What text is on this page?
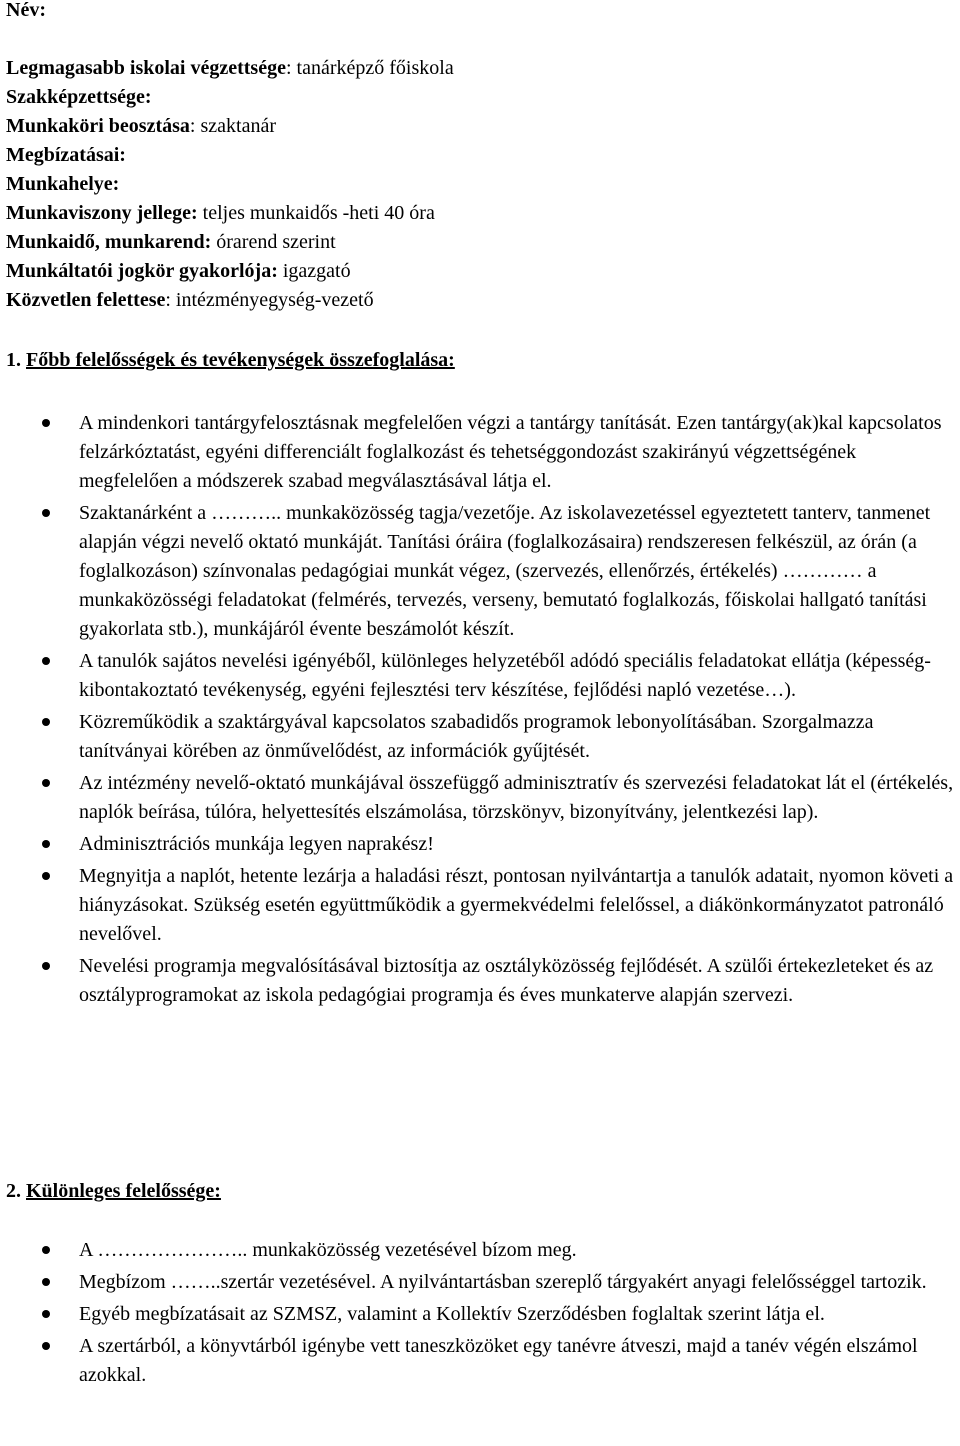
Név:
Legmagasabb iskolai végzettsége: tanárképző főiskola
Szakképzettsége:
Munkaköri beosztása: szaktanár
Megbízatásai:
Munkahelye:
Munkaviszony jellege: teljes munkaidős -heti 40 óra
Munkaidő, munkarend: órarend szerint
Munkáltatói jogkör gyakorlója: igazgató
Közvetlen felettese: intézményegység-vezető
1. Főbb felelősségek és tevékenységek összefoglalása:
A mindenkori tantárgyfelosztásnak megfelelően végzi a tantárgy tanítását. Ezen tantárgy(ak)kal kapcsolatos felzárkóztatást, egyéni differenciált foglalkozást és tehetséggondozást szakirányú végzettségének megfelelően a módszerek szabad megválasztásával látja el.
Szaktanárként a ……….. munkaközösség tagja/vezetője. Az iskolavezetéssel egyeztetett tanterv, tanmenet alapján végzi nevelő oktató munkáját. Tanítási óráira (foglalkozásaira) rendszeresen felkészül, az órán (a foglalkozáson) színvonalas pedagógiai munkát végez, (szervezés, ellenőrzés, értékelés) ………… a munkaközösségi feladatokat (felmérés, tervezés, verseny, bemutató foglalkozás, főiskolai hallgató tanítási gyakorlata stb.), munkájáról évente beszámolót készít.
A tanulók sajátos nevelési igényéből, különleges helyzetéből adódó speciális feladatokat ellátja (képesség-kibontakoztató tevékenység, egyéni fejlesztési terv készítése, fejlődési napló vezetése…).
Közreműködik a szaktárgyával kapcsolatos szabadidős programok lebonyolításában. Szorgalmazza tanítványai körében az önművelődést, az információk gyűjtését.
Az intézmény nevelő-oktató munkájával összefüggő adminisztratív és szervezési feladatokat lát el (értékelés, naplók beírása, túlóra, helyettesítés elszámolása, törzskönyv, bizonyítvány, jelentkezési lap).
Adminisztrációs munkája legyen naprakész!
Megnyitja a naplót, hetente lezárja a haladási részt, pontosan nyilvántartja a tanulók adatait, nyomon követi a hiányzásokat. Szükség esetén együttműködik a gyermekvédelmi felelőssel, a diákönkormányzatot patronáló nevelővel.
Nevelési programja megvalósításával biztosítja az osztályközösség fejlődését. A szülői értekezleteket és az osztályprogramokat az iskola pedagógiai programja és éves munkaterve alapján szervezi.
2. Különleges felelőssége:
A ………………….. munkaközösség vezetésével bízom meg.
Megbízom ……..szertár vezetésével. A nyilvántartásban szereplő tárgyakért anyagi felelősséggel tartozik.
Egyéb megbízatásait az SZMSZ, valamint a Kollektív Szerződésben foglaltak szerint látja el.
A szertárból, a könyvtárból igénybe vett taneszközöket egy tanévre átveszi, majd a tanév végén elszámol azokkal.
